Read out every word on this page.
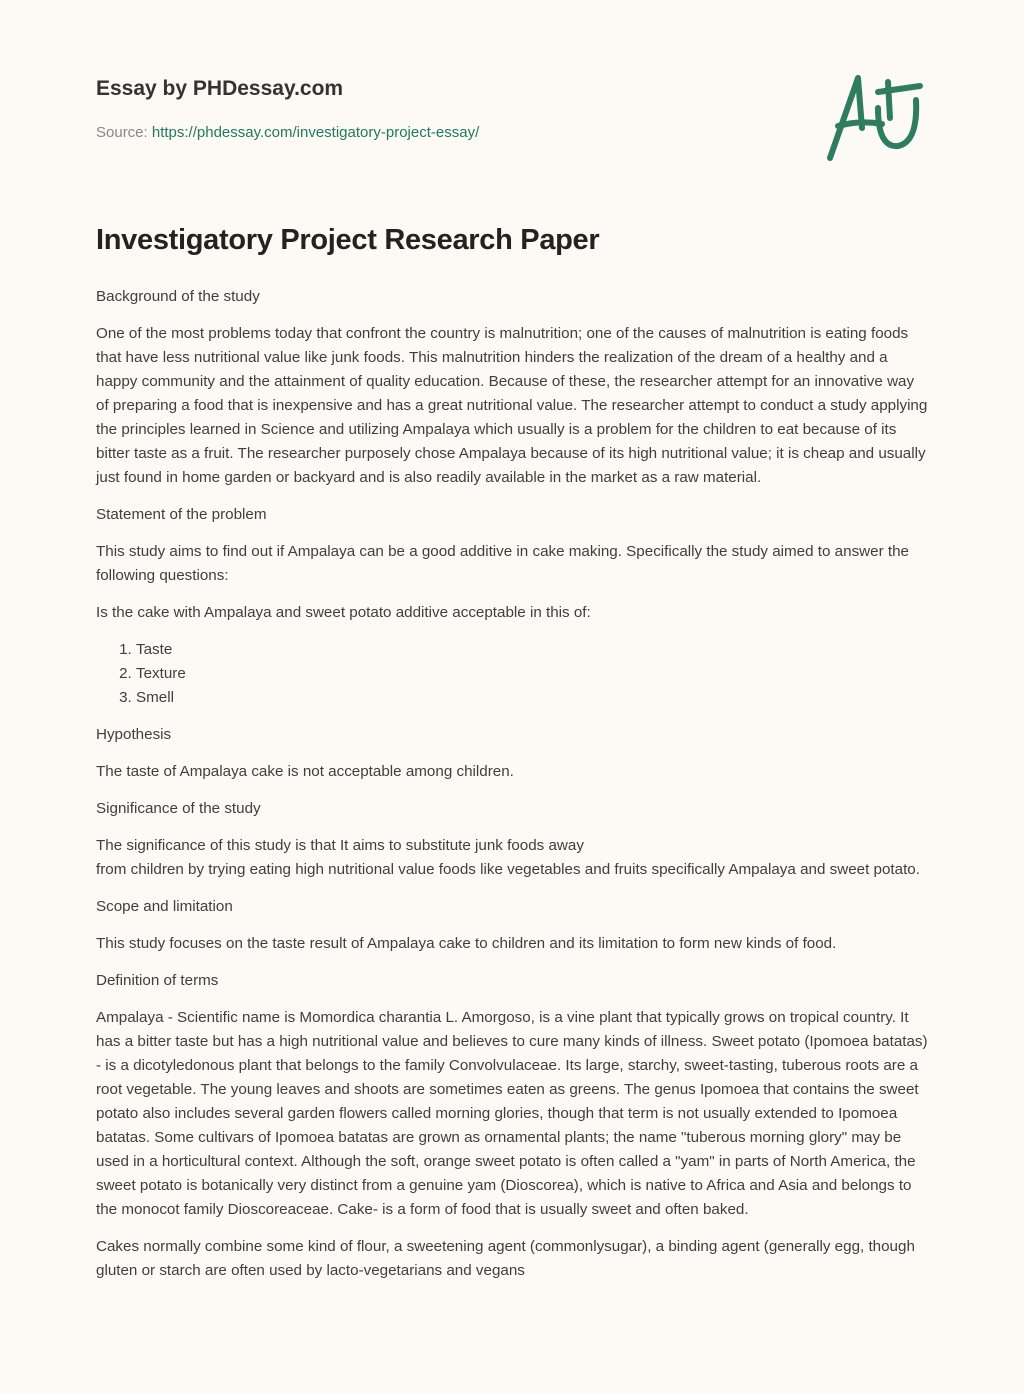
Essay by PHDessay.com
Source: https://phdessay.com/investigatory-project-essay/
Investigatory Project Research Paper

Background of the study

One of the most problems today that confront the country is malnutrition; one of the causes of malnutrition is eating foods that have less nutritional value like junk foods. This malnutrition hinders the realization of the dream of a healthy and a happy community and the attainment of quality education. Because of these, the researcher attempt for an innovative way of preparing a food that is inexpensive and has a great nutritional value. The researcher attempt to conduct a study applying the principles learned in Science and utilizing Ampalaya which usually is a problem for the children to eat because of its bitter taste as a fruit. The researcher purposely chose Ampalaya because of its high nutritional value; it is cheap and usually just found in home garden or backyard and is also readily available in the market as a raw material.

Statement of the problem

This study aims to find out if Ampalaya can be a good additive in cake making. Specifically the study aimed to answer the following questions:

Is the cake with Ampalaya and sweet potato additive acceptable in this of:

1. Taste
2. Texture
3. Smell

Hypothesis

The taste of Ampalaya cake is not acceptable among children.

Significance of the study

The significance of this study is that It aims to substitute junk foods away
from children by trying eating high nutritional value foods like vegetables and fruits specifically Ampalaya and sweet potato.

Scope and limitation

This study focuses on the taste result of Ampalaya cake to children and its limitation to form new kinds of food.

Definition of terms

Ampalaya - Scientific name is Momordica charantia L. Amorgoso, is a vine plant that typically grows on tropical country. It has a bitter taste but has a high nutritional value and believes to cure many kinds of illness. Sweet potato (Ipomoea batatas) - is a dicotyledonous plant that belongs to the family Convolvulaceae. Its large, starchy, sweet-tasting, tuberous roots are a root vegetable. The young leaves and shoots are sometimes eaten as greens. The genus Ipomoea that contains the sweet potato also includes several garden flowers called morning glories, though that term is not usually extended to Ipomoea batatas. Some cultivars of Ipomoea batatas are grown as ornamental plants; the name "tuberous morning glory" may be used in a horticultural context. Although the soft, orange sweet potato is often called a "yam" in parts of North America, the sweet potato is botanically very distinct from a genuine yam (Dioscorea), which is native to Africa and Asia and belongs to the monocot family Dioscoreaceae. Cake- is a form of food that is usually sweet and often baked.

Cakes normally combine some kind of flour, a sweetening agent (commonlysugar), a binding agent (generally egg, though gluten or starch are often used by lacto-vegetarians and vegans
